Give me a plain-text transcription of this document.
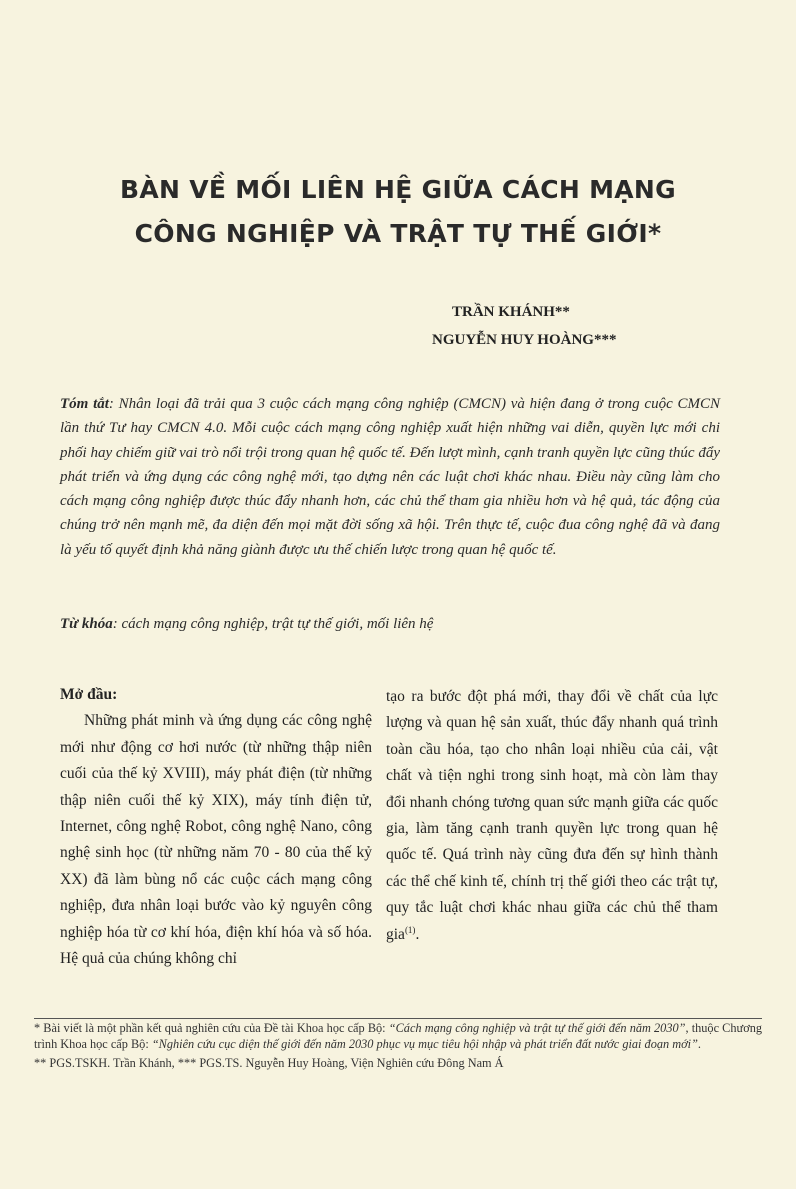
BÀN VỀ MỐI LIÊN HỆ GIỮA CÁCH MẠNG
CÔNG NGHIỆP VÀ TRẬT TỰ THẾ GIỚI*
TRẦN KHÁNH**
NGUYỄN HUY HOÀNG***

Tóm tắt: Nhân loại đã trải qua 3 cuộc cách mạng công nghiệp (CMCN) và hiện đang ở trong cuộc CMCN lần thứ Tư hay CMCN 4.0. Mỗi cuộc cách mạng công nghiệp xuất hiện những vai diễn, quyền lực mới chi phối hay chiếm giữ vai trò nổi trội trong quan hệ quốc tế. Đến lượt mình, cạnh tranh quyền lực cũng thúc đẩy phát triển và ứng dụng các công nghệ mới, tạo dựng nên các luật chơi khác nhau. Điều này cũng làm cho cách mạng công nghiệp được thúc đẩy nhanh hơn, các chủ thể tham gia nhiều hơn và hệ quả, tác động của chúng trở nên mạnh mẽ, đa diện đến mọi mặt đời sống xã hội. Trên thực tế, cuộc đua công nghệ đã và đang là yếu tố quyết định khả năng giành được ưu thế chiến lược trong quan hệ quốc tế.

Từ khóa: cách mạng công nghiệp, trật tự thế giới, mối liên hệ

Mở đầu:

Những phát minh và ứng dụng các công nghệ mới như động cơ hơi nước (từ những thập niên cuối của thế kỷ XVIII), máy phát điện (từ những thập niên cuối thế kỷ XIX), máy tính điện tử, Internet, công nghệ Robot, công nghệ Nano, công nghệ sinh học (từ những năm 70 - 80 của thế kỷ XX) đã làm bùng nổ các cuộc cách mạng công nghiệp, đưa nhân loại bước vào kỷ nguyên công nghiệp hóa từ cơ khí hóa, điện khí hóa và số hóa. Hệ quả của chúng không chỉ

tạo ra bước đột phá mới, thay đổi về chất của lực lượng và quan hệ sản xuất, thúc đẩy nhanh quá trình toàn cầu hóa, tạo cho nhân loại nhiều của cải, vật chất và tiện nghi trong sinh hoạt, mà còn làm thay đổi nhanh chóng tương quan sức mạnh giữa các quốc gia, làm tăng cạnh tranh quyền lực trong quan hệ quốc tế. Quá trình này cũng đưa đến sự hình thành các thể chế kinh tế, chính trị thế giới theo các trật tự, quy tắc luật chơi khác nhau giữa các chủ thể tham gia$^{(1)}$.

* Bài viết là một phần kết quả nghiên cứu của Đề tài Khoa học cấp Bộ: “Cách mạng công nghiệp và trật tự thế giới đến năm 2030”, thuộc Chương trình Khoa học cấp Bộ: “Nghiên cứu cục diện thế giới đến năm 2030 phục vụ mục tiêu hội nhập và phát triển đất nước giai đoạn mới”.

** PGS.TSKH. Trần Khánh, *** PGS.TS. Nguyễn Huy Hoàng, Viện Nghiên cứu Đông Nam Á
